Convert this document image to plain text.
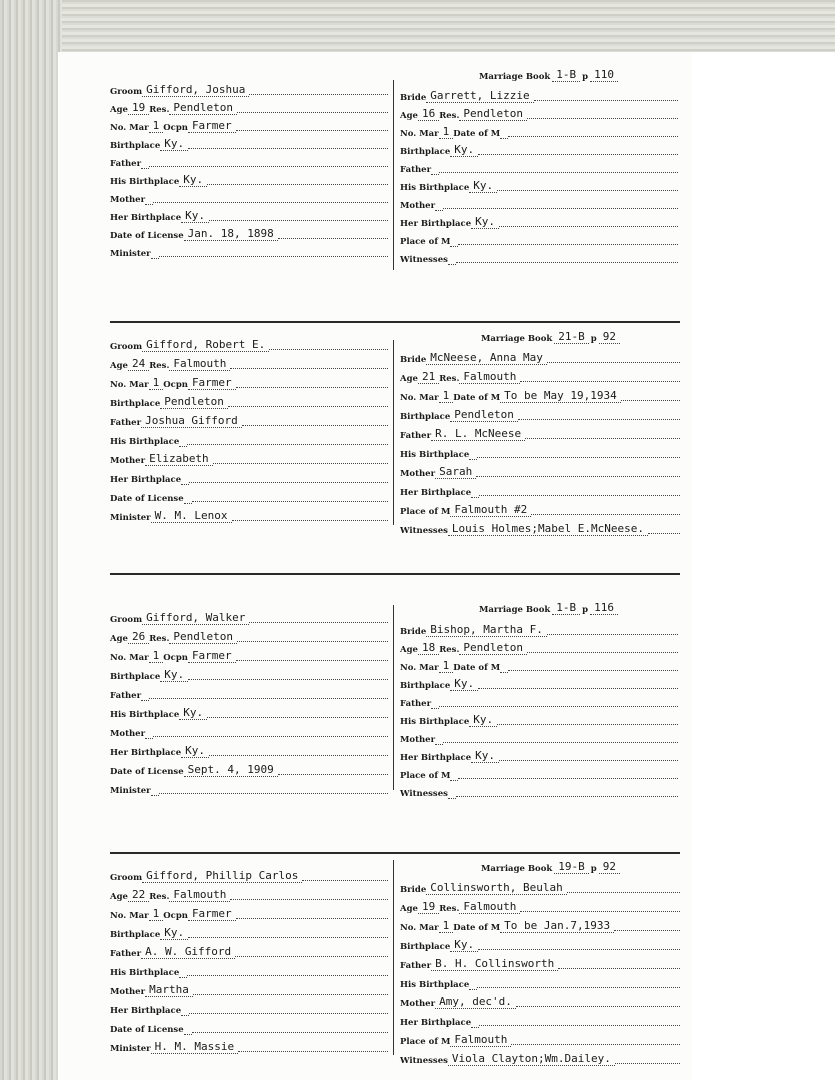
Groom Gifford, Joshua
Age 19 Res. Pendleton
No. Mar 1 Ocpn Farmer
Birthplace Ky.
Father
His Birthplace Ky.
Mother
Her Birthplace Ky.
Date of License Jan. 18, 1898
Minister
Marriage Book 1-B p 110
Bride Garrett, Lizzie
Age 16 Res. Pendleton
No. Mar 1 Date of M
Birthplace Ky.
Father
His Birthplace Ky.
Mother
Her Birthplace Ky.
Place of M
Witnesses
Groom Gifford, Robert E.
Age 24 Res. Falmouth
No. Mar 1 Ocpn Farmer
Birthplace Pendleton
Father Joshua Gifford
His Birthplace
Mother Elizabeth
Her Birthplace
Date of License
Minister W. M. Lenox
Marriage Book 21-B p 92
Bride McNeese, Anna May
Age 21 Res. Falmouth
No. Mar 1 Date of M To be May 19,1934
Birthplace Pendleton
Father R. L. McNeese
His Birthplace
Mother Sarah
Her Birthplace
Place of M Falmouth #2
Witnesses Louis Holmes;Mabel E.McNeese.
Groom Gifford, Walker
Age 26 Res. Pendleton
No. Mar 1 Ocpn Farmer
Birthplace Ky.
Father
His Birthplace Ky.
Mother
Her Birthplace Ky.
Date of License Sept. 4, 1909
Minister
Marriage Book 1-B p 116
Bride Bishop, Martha F.
Age 18 Res. Pendleton
No. Mar 1 Date of M
Birthplace Ky.
Father
His Birthplace Ky.
Mother
Her Birthplace Ky.
Place of M
Witnesses
Groom Gifford, Phillip Carlos
Age 22 Res. Falmouth
No. Mar 1 Ocpn Farmer
Birthplace Ky.
Father A. W. Gifford
His Birthplace
Mother Martha
Her Birthplace
Date of License
Minister H. M. Massie
Marriage Book 19-B p 92
Bride Collinsworth, Beulah
Age 19 Res. Falmouth
No. Mar 1 Date of M To be Jan.7,1933
Birthplace Ky.
Father B. H. Collinsworth
His Birthplace
Mother Amy, dec'd.
Her Birthplace
Place of M Falmouth
Witnesses Viola Clayton;Wm.Dailey.
